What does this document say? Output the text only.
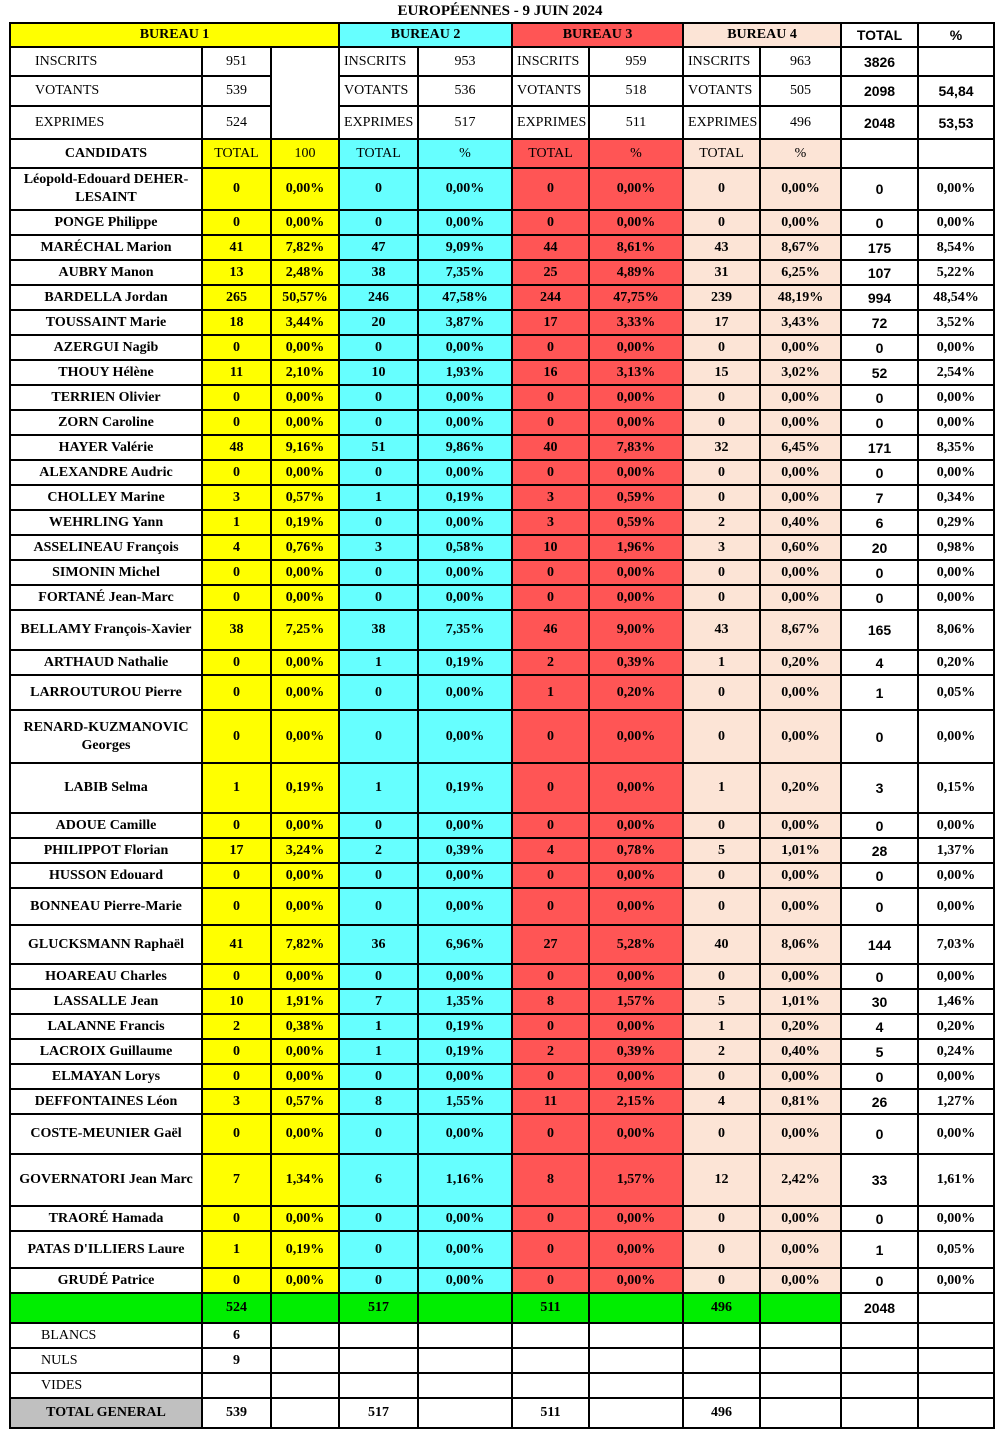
EUROPÉENNES - 9 JUIN 2024
BUREAU 1			BUREAU 2		BUREAU 3		BUREAU 4		TOTAL	%
INSCRITS	951		INSCRITS	953	INSCRITS	959	INSCRITS	963	3826	
VOTANTS	539		VOTANTS	536	VOTANTS	518	VOTANTS	505	2098	54,84
EXPRIMES	524		EXPRIMES	517	EXPRIMES	511	EXPRIMES	496	2048	53,53
CANDIDATS	TOTAL	100	TOTAL	%	TOTAL	%	TOTAL	%		
Léopold-Edouard DEHER-LESAINT	0	0,00%	0	0,00%	0	0,00%	0	0,00%	0	0,00%
PONGE Philippe	0	0,00%	0	0,00%	0	0,00%	0	0,00%	0	0,00%
MARÉCHAL Marion	41	7,82%	47	9,09%	44	8,61%	43	8,67%	175	8,54%
AUBRY Manon	13	2,48%	38	7,35%	25	4,89%	31	6,25%	107	5,22%
BARDELLA Jordan	265	50,57%	246	47,58%	244	47,75%	239	48,19%	994	48,54%
TOUSSAINT Marie	18	3,44%	20	3,87%	17	3,33%	17	3,43%	72	3,52%
AZERGUI Nagib	0	0,00%	0	0,00%	0	0,00%	0	0,00%	0	0,00%
THOUY Hélène	11	2,10%	10	1,93%	16	3,13%	15	3,02%	52	2,54%
TERRIEN Olivier	0	0,00%	0	0,00%	0	0,00%	0	0,00%	0	0,00%
ZORN Caroline	0	0,00%	0	0,00%	0	0,00%	0	0,00%	0	0,00%
HAYER Valérie	48	9,16%	51	9,86%	40	7,83%	32	6,45%	171	8,35%
ALEXANDRE Audric	0	0,00%	0	0,00%	0	0,00%	0	0,00%	0	0,00%
CHOLLEY Marine	3	0,57%	1	0,19%	3	0,59%	0	0,00%	7	0,34%
WEHRLING Yann	1	0,19%	0	0,00%	3	0,59%	2	0,40%	6	0,29%
ASSELINEAU François	4	0,76%	3	0,58%	10	1,96%	3	0,60%	20	0,98%
SIMONIN Michel	0	0,00%	0	0,00%	0	0,00%	0	0,00%	0	0,00%
FORTANÉ Jean-Marc	0	0,00%	0	0,00%	0	0,00%	0	0,00%	0	0,00%
BELLAMY François-Xavier	38	7,25%	38	7,35%	46	9,00%	43	8,67%	165	8,06%
ARTHAUD Nathalie	0	0,00%	1	0,19%	2	0,39%	1	0,20%	4	0,20%
LARROUTUROU Pierre	0	0,00%	0	0,00%	1	0,20%	0	0,00%	1	0,05%
RENARD-KUZMANOVIC Georges	0	0,00%	0	0,00%	0	0,00%	0	0,00%	0	0,00%
LABIB Selma	1	0,19%	1	0,19%	0	0,00%	1	0,20%	3	0,15%
ADOUE Camille	0	0,00%	0	0,00%	0	0,00%	0	0,00%	0	0,00%
PHILIPPOT Florian	17	3,24%	2	0,39%	4	0,78%	5	1,01%	28	1,37%
HUSSON Edouard	0	0,00%	0	0,00%	0	0,00%	0	0,00%	0	0,00%
BONNEAU Pierre-Marie	0	0,00%	0	0,00%	0	0,00%	0	0,00%	0	0,00%
GLUCKSMANN Raphaël	41	7,82%	36	6,96%	27	5,28%	40	8,06%	144	7,03%
HOAREAU Charles	0	0,00%	0	0,00%	0	0,00%	0	0,00%	0	0,00%
LASSALLE Jean	10	1,91%	7	1,35%	8	1,57%	5	1,01%	30	1,46%
LALANNE Francis	2	0,38%	1	0,19%	0	0,00%	1	0,20%	4	0,20%
LACROIX Guillaume	0	0,00%	1	0,19%	2	0,39%	2	0,40%	5	0,24%
ELMAYAN Lorys	0	0,00%	0	0,00%	0	0,00%	0	0,00%	0	0,00%
DEFFONTAINES Léon	3	0,57%	8	1,55%	11	2,15%	4	0,81%	26	1,27%
COSTE-MEUNIER Gaël	0	0,00%	0	0,00%	0	0,00%	0	0,00%	0	0,00%
GOVERNATORI Jean Marc	7	1,34%	6	1,16%	8	1,57%	12	2,42%	33	1,61%
TRAORÉ Hamada	0	0,00%	0	0,00%	0	0,00%	0	0,00%	0	0,00%
PATAS D'ILLIERS Laure	1	0,19%	0	0,00%	0	0,00%	0	0,00%	1	0,05%
GRUDÉ Patrice	0	0,00%	0	0,00%	0	0,00%	0	0,00%	0	0,00%
	524		517		511		496		2048	
BLANCS	6									
NULS	9									
VIDES										
TOTAL GENERAL	539		517		511		496			
